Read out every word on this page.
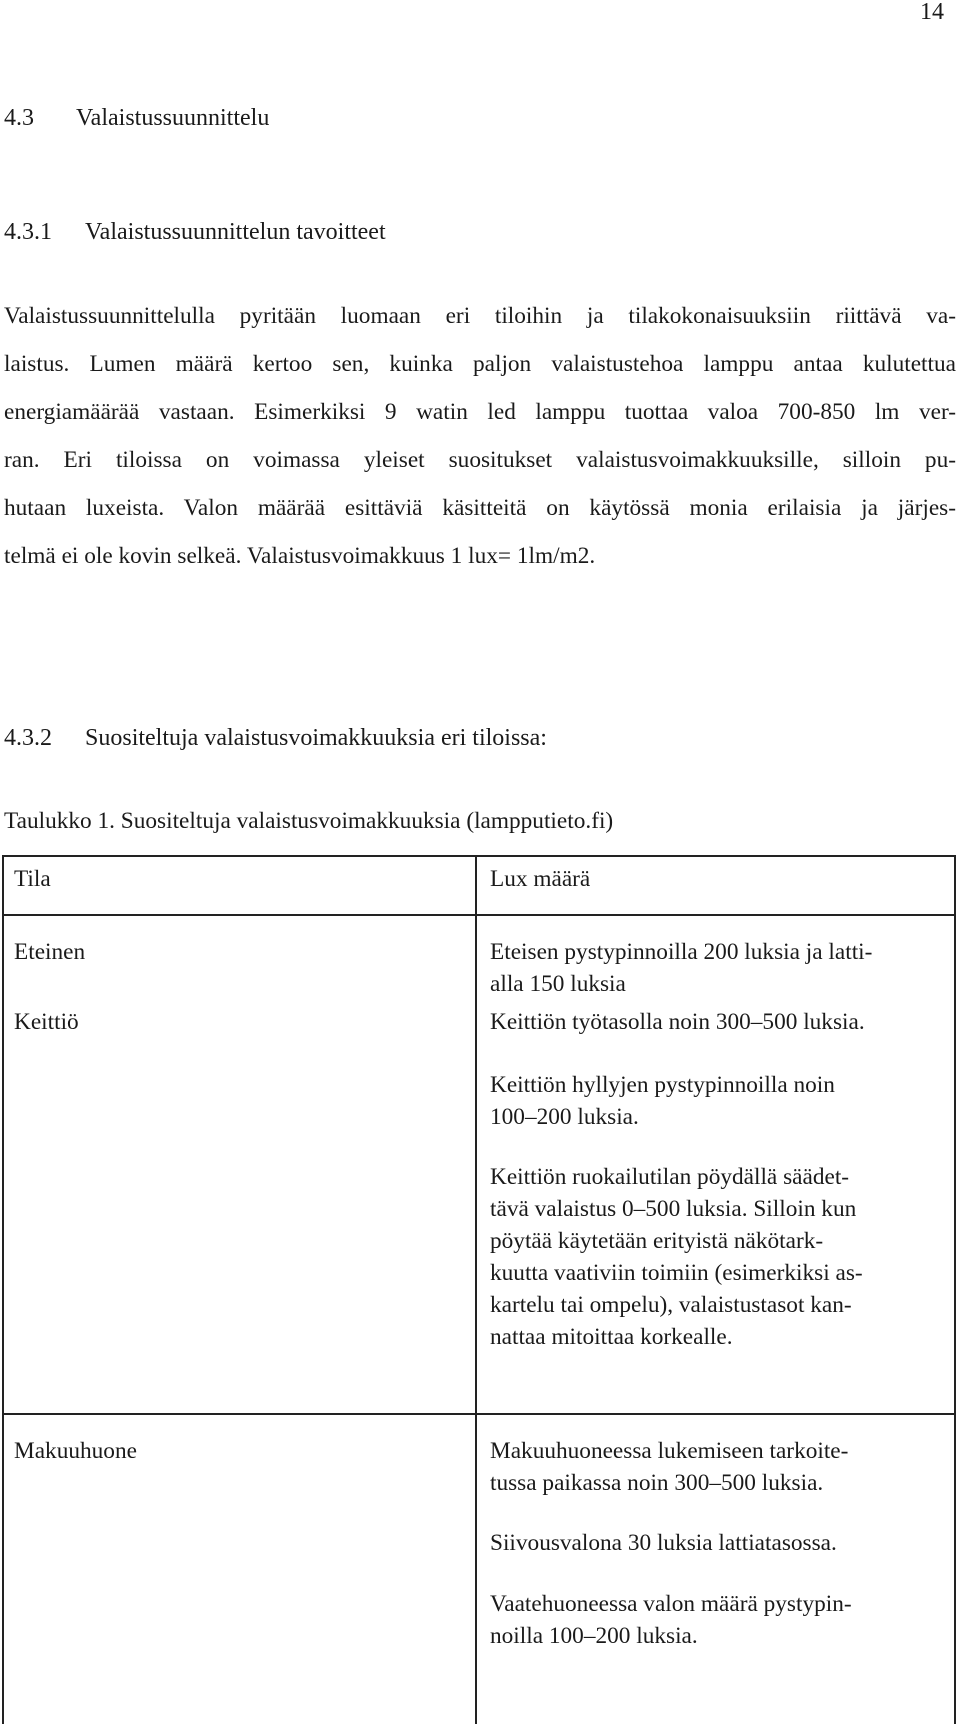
14
4.3 Valaistussuunnittelu
4.3.1 Valaistussuunnittelun tavoitteet
Valaistussuunnittelulla pyritään luomaan eri tiloihin ja tilakokonaisuuksiin riittävä va-
laistus. Lumen määrä kertoo sen, kuinka paljon valaistustehoa lamppu antaa kulutettua
energiamäärää vastaan. Esimerkiksi 9 watin led lamppu tuottaa valoa 700-850 lm ver-
ran. Eri tiloissa on voimassa yleiset suositukset valaistusvoimakkuuksille, silloin pu-
hutaan luxeista. Valon määrää esittäviä käsitteitä on käytössä monia erilaisia ja järjes-
telmä ei ole kovin selkeä. Valaistusvoimakkuus 1 lux= 1lm/m2.
4.3.2 Suositeltuja valaistusvoimakkuuksia eri tiloissa:
Taulukko 1. Suositeltuja valaistusvoimakkuuksia (lampputieto.fi)
Tila	Lux määrä
Eteinen	Eteisen pystypinnoilla 200 luksia ja latti-
alla 150 luksia
Keittiö	Keittiön työtasolla noin 300–500 luksia.
Keittiön hyllyjen pystypinnoilla noin
100–200 luksia.
Keittiön ruokailutilan pöydällä säädet-
tävä valaistus 0–500 luksia. Silloin kun
pöytää käytetään erityistä näkötark-
kuutta vaativiin toimiin (esimerkiksi as-
kartelu tai ompelu), valaistustasot kan-
nattaa mitoittaa korkealle.
Makuuhuone	Makuuhuoneessa lukemiseen tarkoite-
tussa paikassa noin 300–500 luksia.
Siivousvalona 30 luksia lattiatasossa.
Vaatehuoneessa valon määrä pystypin-
noilla 100–200 luksia.
